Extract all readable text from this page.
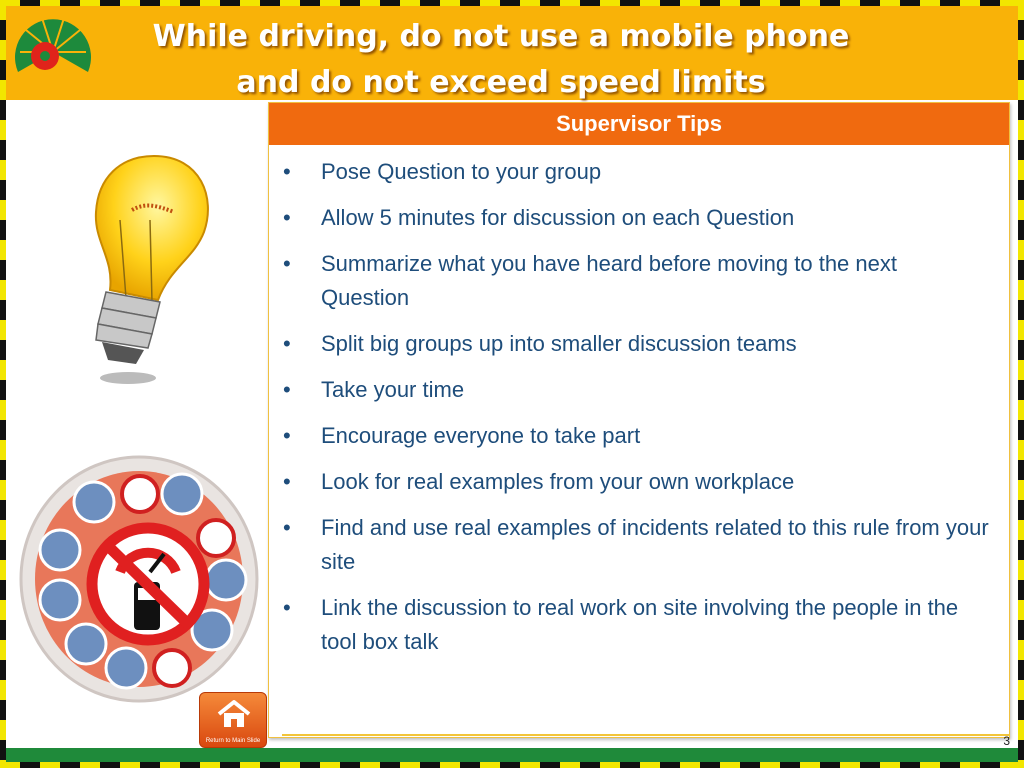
While driving, do not use a mobile phone
and do not exceed speed limits
Return to Main Slide
Supervisor Tips
•	Pose Question to your group
•	Allow 5 minutes for discussion on each Question
•	Summarize what you have heard before moving to the next Question
•	Split big groups up into smaller discussion teams
•	Take your time
•	Encourage everyone to take part
•	Look for real examples from your own workplace
•	Find and use real examples of incidents related to this rule from your site
•	Link the discussion to real work on site involving the people in the tool box talk
3
